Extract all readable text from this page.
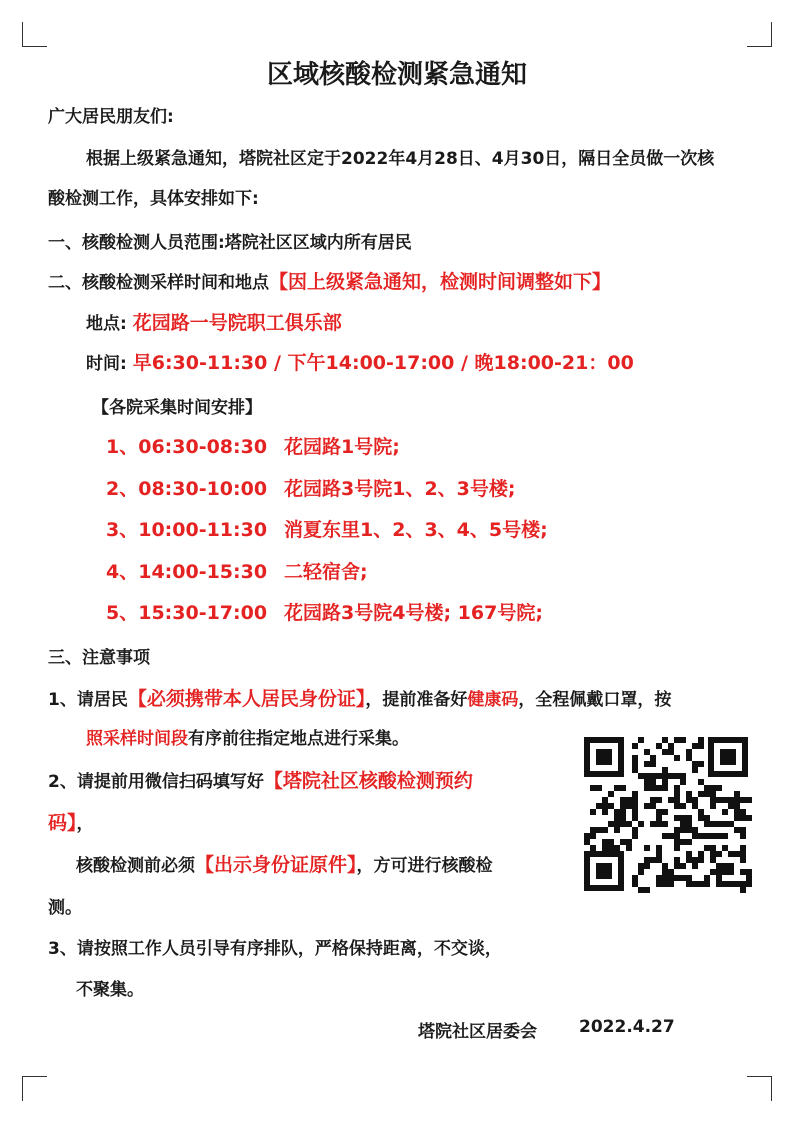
区域核酸检测紧急通知
广大居民朋友们:
根据上级紧急通知，塔院社区定于2022年4月28日、4月30日，隔日全员做一次核
酸检测工作，具体安排如下:
一、核酸检测人员范围:塔院社区区域内所有居民
二、核酸检测采样时间和地点【因上级紧急通知，检测时间调整如下】
地点: 花园路一号院职工俱乐部
时间: 早6:30-11:30 / 下午14:00-17:00 / 晚18:00-21：00
【各院采集时间安排】
1、06:30-08:30 花园路1号院;
2、08:30-10:00 花园路3号院1、2、3号楼;
3、10:00-11:30 消夏东里1、2、3、4、5号楼;
4、14:00-15:30 二轻宿舍;
5、15:30-17:00 花园路3号院4号楼; 167号院;
三、注意事项
1、请居民【必须携带本人居民身份证】，提前准备好健康码，全程佩戴口罩，按
照采样时间段有序前往指定地点进行采集。
2、请提前用微信扫码填写好【塔院社区核酸检测预约
码】，
核酸检测前必须【出示身份证原件】，方可进行核酸检
测。
3、请按照工作人员引导有序排队，严格保持距离，不交谈，
不聚集。
塔院社区居委会 2022.4.27
